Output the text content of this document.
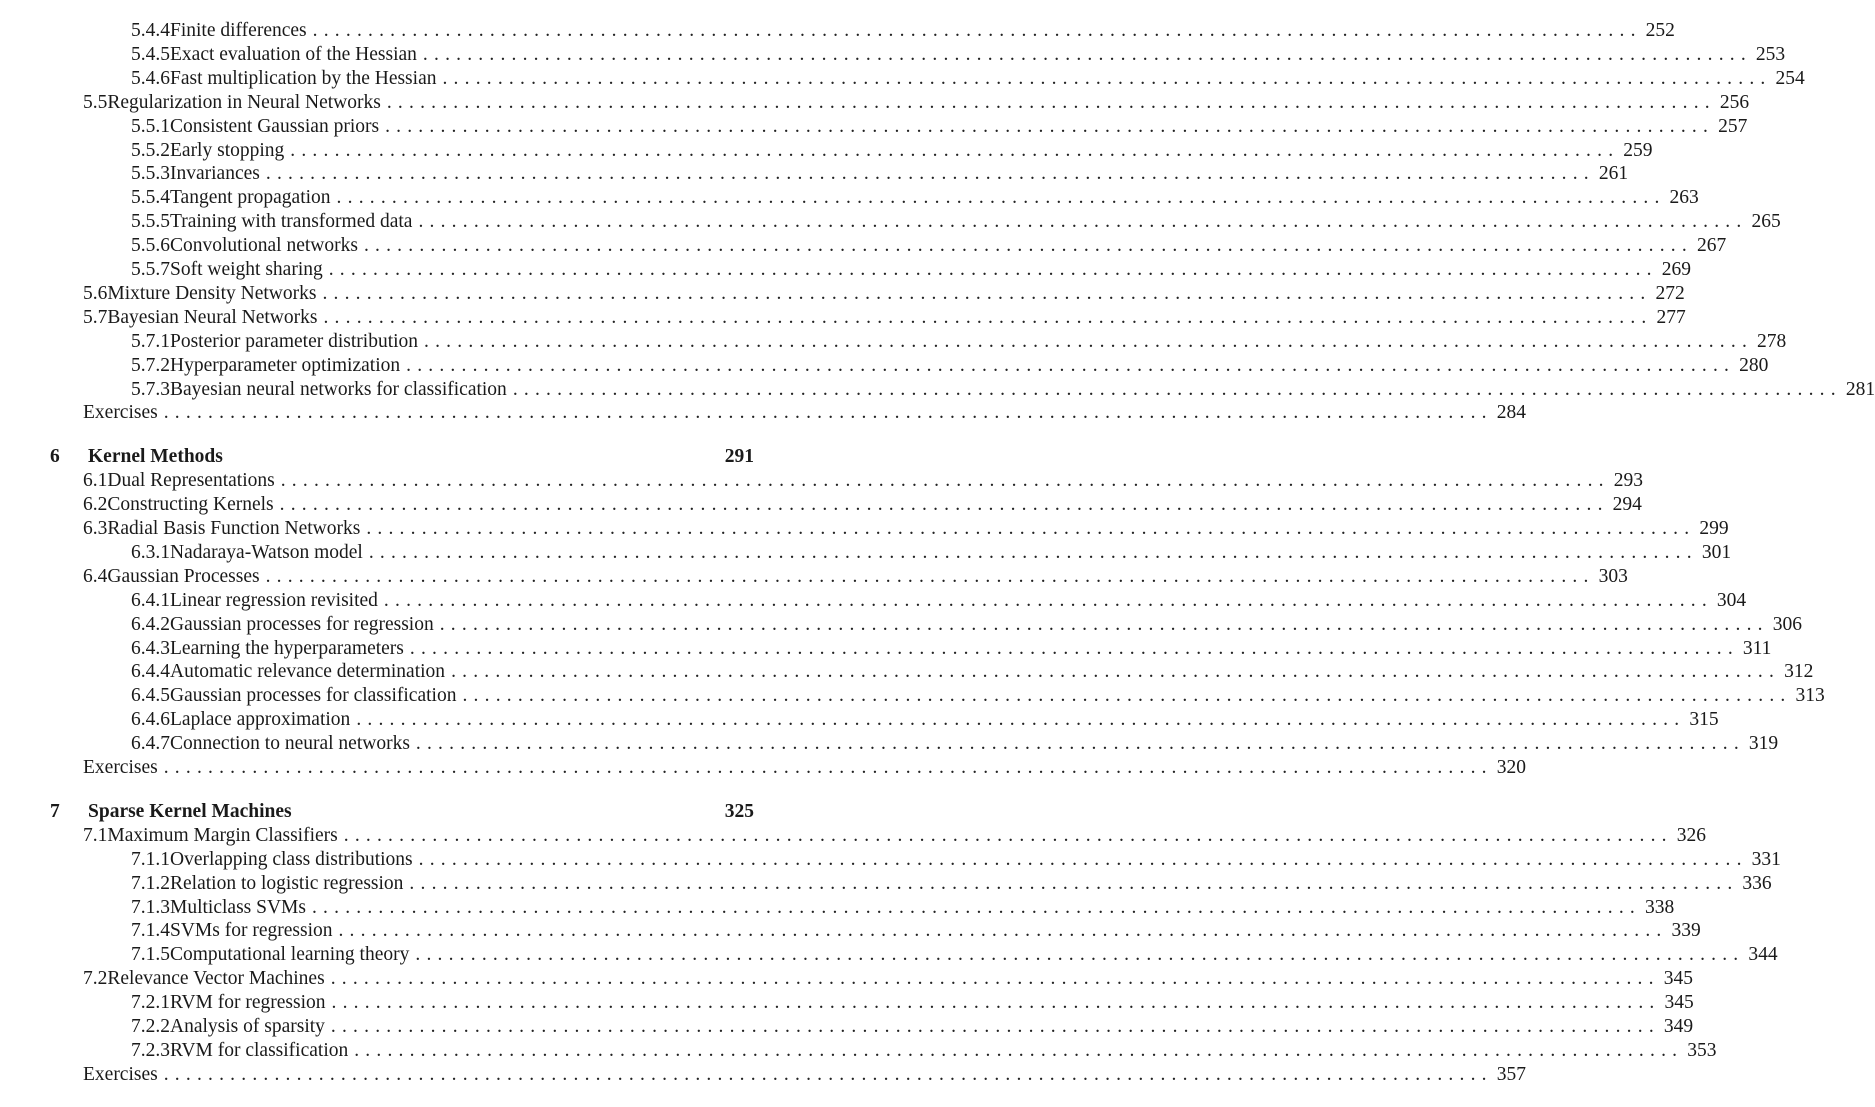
5.4.4 Finite differences ........................................................................................................................ 252
5.4.5 Exact evaluation of the Hessian ........................................................................................................................ 253
5.4.6 Fast multiplication by the Hessian ........................................................................................................................ 254
5.5 Regularization in Neural Networks ........................................................................................................................ 256
5.5.1 Consistent Gaussian priors ........................................................................................................................ 257
5.5.2 Early stopping ........................................................................................................................ 259
5.5.3 Invariances ........................................................................................................................ 261
5.5.4 Tangent propagation ........................................................................................................................ 263
5.5.5 Training with transformed data ........................................................................................................................ 265
5.5.6 Convolutional networks ........................................................................................................................ 267
5.5.7 Soft weight sharing ........................................................................................................................ 269
5.6 Mixture Density Networks ........................................................................................................................ 272
5.7 Bayesian Neural Networks ........................................................................................................................ 277
5.7.1 Posterior parameter distribution ........................................................................................................................ 278
5.7.2 Hyperparameter optimization ........................................................................................................................ 280
5.7.3 Bayesian neural networks for classification ........................................................................................................................ 281
Exercises ........................................................................................................................ 284
6	Kernel Methods	291
6.1 Dual Representations ........................................................................................................................ 293
6.2 Constructing Kernels ........................................................................................................................ 294
6.3 Radial Basis Function Networks ........................................................................................................................ 299
6.3.1 Nadaraya-Watson model ........................................................................................................................ 301
6.4 Gaussian Processes ........................................................................................................................ 303
6.4.1 Linear regression revisited ........................................................................................................................ 304
6.4.2 Gaussian processes for regression ........................................................................................................................ 306
6.4.3 Learning the hyperparameters ........................................................................................................................ 311
6.4.4 Automatic relevance determination ........................................................................................................................ 312
6.4.5 Gaussian processes for classification ........................................................................................................................ 313
6.4.6 Laplace approximation ........................................................................................................................ 315
6.4.7 Connection to neural networks ........................................................................................................................ 319
Exercises ........................................................................................................................ 320
7	Sparse Kernel Machines	325
7.1 Maximum Margin Classifiers ........................................................................................................................ 326
7.1.1 Overlapping class distributions ........................................................................................................................ 331
7.1.2 Relation to logistic regression ........................................................................................................................ 336
7.1.3 Multiclass SVMs ........................................................................................................................ 338
7.1.4 SVMs for regression ........................................................................................................................ 339
7.1.5 Computational learning theory ........................................................................................................................ 344
7.2 Relevance Vector Machines ........................................................................................................................ 345
7.2.1 RVM for regression ........................................................................................................................ 345
7.2.2 Analysis of sparsity ........................................................................................................................ 349
7.2.3 RVM for classification ........................................................................................................................ 353
Exercises ........................................................................................................................ 357
